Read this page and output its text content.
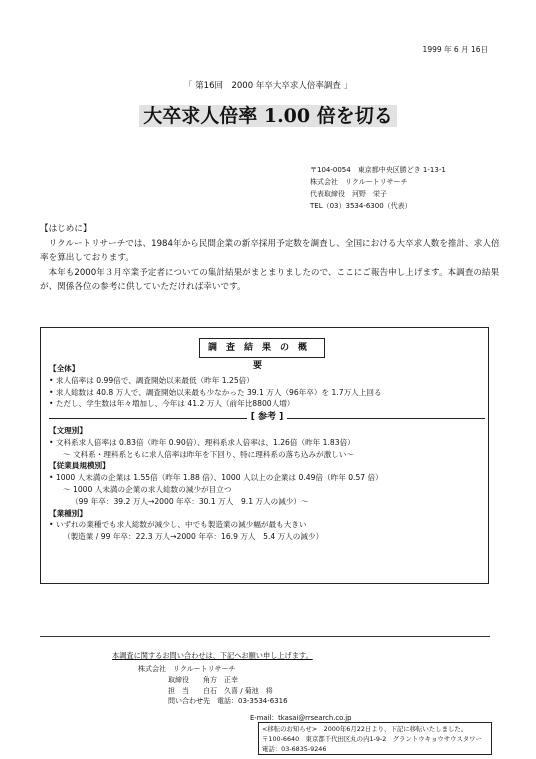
1999 年 6 月 16日
「 第16回　2000 年卒大卒求人倍率調査 」
大卒求人倍率 1.00 倍を切る
〒104-0054　東京都中央区勝どき 1-13-1
株式会社　リクルートリサーチ
代表取締役　河野　栄子
TEL（03）3534-6300（代表）

【はじめに】

　リクルートリサーチでは、1984年から民間企業の新卒採用予定数を調査し、全国における大卒求人数を推計、求人倍率を算出しております。

　本年も2000年３月卒業予定者についての集計結果がまとまりましたので、ここにご報告申し上げます。本調査の結果が、関係各位の参考に供していただければ幸いです。

調査結果の概要
【全体】
• 求人倍率は 0.99倍で、調査開始以来最低（昨年 1.25倍）
• 求人総数は 40.8 万人で、調査開始以来最も少なかった 39.1 万人（96年卒）を 1.7万人上回る
• ただし、学生数は年々増加し、今年は 41.2 万人（前年比8800人増）
[ 参考 ]
【文理別】
• 文科系求人倍率は 0.83倍（昨年 0.90倍）、理科系求人倍率は、1.26倍（昨年 1.83倍）
～ 文科系・理科系ともに求人倍率は昨年を下回り、特に理科系の落ち込みが激しい～
【従業員規模別】
• 1000 人未満の企業は 1.55倍（昨年 1.88 倍）、1000 人以上の企業は 0.49倍（昨年 0.57 倍）
～ 1000 人未満の企業の求人総数の減少が目立つ
（99 年卒：39.2 万人→2000 年卒：30.1 万人　9.1 万人の減少）～
【業種別】
• いずれの業種でも求人総数が減少し、中でも製造業の減少幅が最も大きい
（製造業 / 99 年卒：22.3 万人→2000 年卒：16.9 万人　5.4 万人の減少）
本調査に関するお問い合わせは、下記へお願い申し上げます。
株式会社　リクルートリサーチ
取締役　　角方　正幸
担　当　　白石　久喜 / 菊池　将
問い合わせ先　電話：03-3534-6316
E-mail：tkasai@rrsearch.co.jp
<移転のお知らせ>　2000年6月22日より、下記に移転いたしました。
〒100-6640　東京都千代田区丸の内1-9-2　グラントウキョウサウスタワー
電話：03-6835-9246
